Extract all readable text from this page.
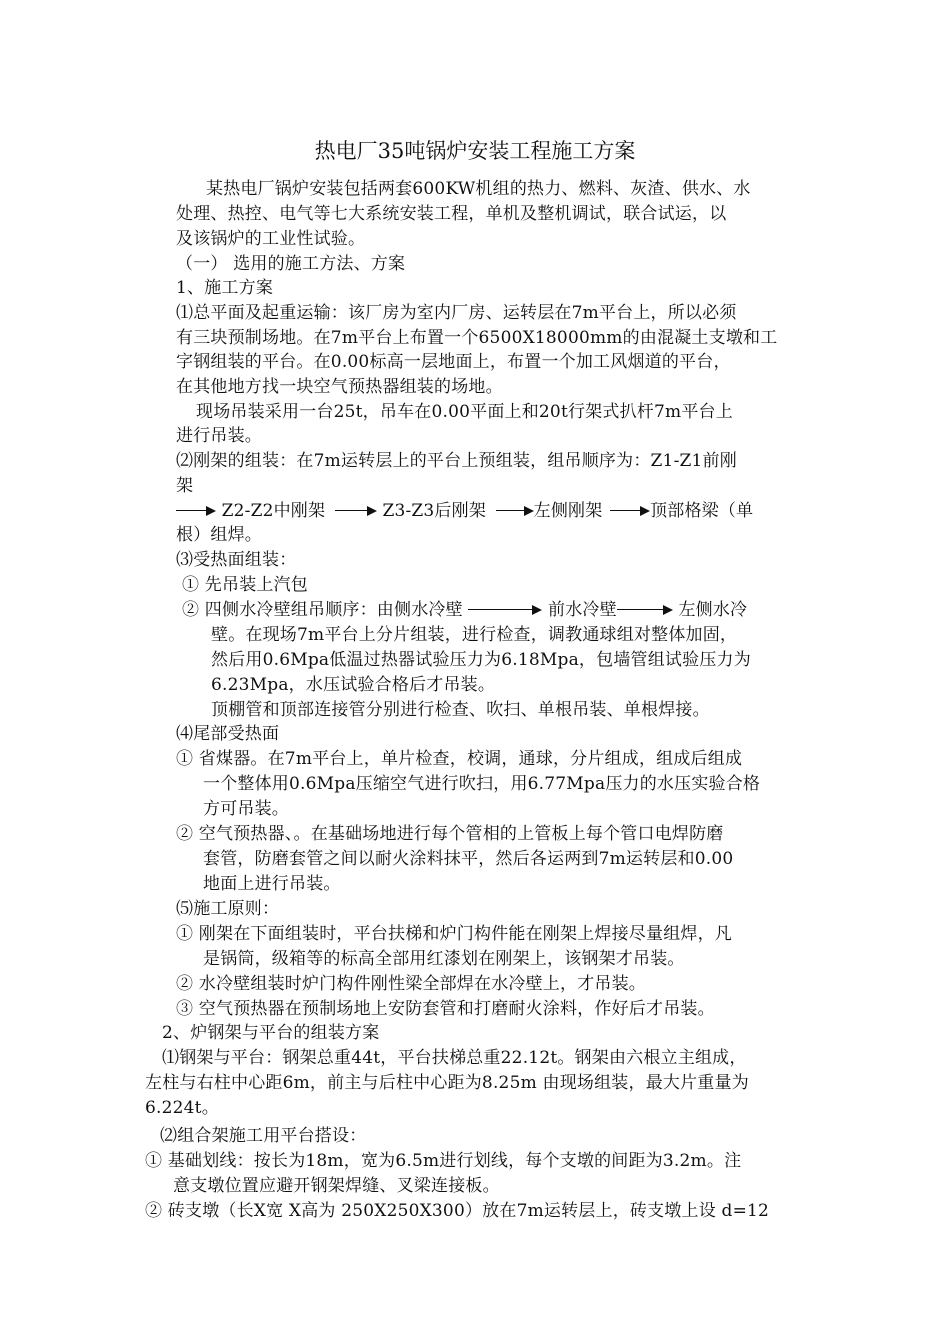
热电厂35吨锅炉安装工程施工方案
某热电厂锅炉安装包括两套600KW机组的热力、燃料、灰渣、供水、水
处理、热控、电气等七大系统安装工程，单机及整机调试，联合试运，以
及该锅炉的工业性试验。
（一） 选用的施工方法、方案
1、施工方案
⑴总平面及起重运输：该厂房为室内厂房、运转层在7m平台上，所以必须
有三块预制场地。在7m平台上布置一个6500X18000mm的由混凝土支墩和工
字钢组装的平台。在0.00标高一层地面上，布置一个加工风烟道的平台，
在其他地方找一块空气预热器组装的场地。
现场吊装采用一台25t，吊车在0.00平面上和20t行架式扒杆7m平台上
进行吊装。
⑵刚架的组装：在7m运转层上的平台上预组装，组吊顺序为：Z1-Z1前刚
架
Z2-Z2中刚架	Z3-Z3后刚架	左侧刚架	顶部格梁（单
根）组焊。
⑶受热面组装：
① 先吊装上汽包
② 四侧水冷壁组吊顺序：由侧水冷壁	前水冷壁	左侧水冷
壁。在现场7m平台上分片组装，进行检查，调教通球组对整体加固，
然后用0.6Mpa低温过热器试验压力为6.18Mpa，包墙管组试验压力为
6.23Mpa，水压试验合格后才吊装。
顶棚管和顶部连接管分别进行检查、吹扫、单根吊装、单根焊接。
⑷尾部受热面
① 省煤器。在7m平台上，单片检查，校调，通球，分片组成，组成后组成
一个整体用0.6Mpa压缩空气进行吹扫，用6.77Mpa压力的水压实验合格
方可吊装。
② 空气预热器、。在基础场地进行每个管相的上管板上每个管口电焊防磨
套管，防磨套管之间以耐火涂料抹平，然后各运两到7m运转层和0.00
地面上进行吊装。
⑸施工原则：
① 刚架在下面组装时，平台扶梯和炉门构件能在刚架上焊接尽量组焊，凡
是锅筒，级箱等的标高全部用红漆划在刚架上，该钢架才吊装。
② 水冷壁组装时炉门构件刚性梁全部焊在水冷壁上，才吊装。
③ 空气预热器在预制场地上安防套管和打磨耐火涂料，作好后才吊装。
2、炉钢架与平台的组装方案
⑴钢架与平台：钢架总重44t，平台扶梯总重22.12t。钢架由六根立主组成，
左柱与右柱中心距6m，前主与后柱中心距为8.25m 由现场组装，最大片重量为
6.224t。
⑵组合架施工用平台搭设：
① 基础划线：按长为18m，宽为6.5m进行划线，每个支墩的间距为3.2m。注
意支墩位置应避开钢架焊缝、叉梁连接板。
② 砖支墩（长X宽 X高为 250X250X300）放在7m运转层上，砖支墩上设 d=12
